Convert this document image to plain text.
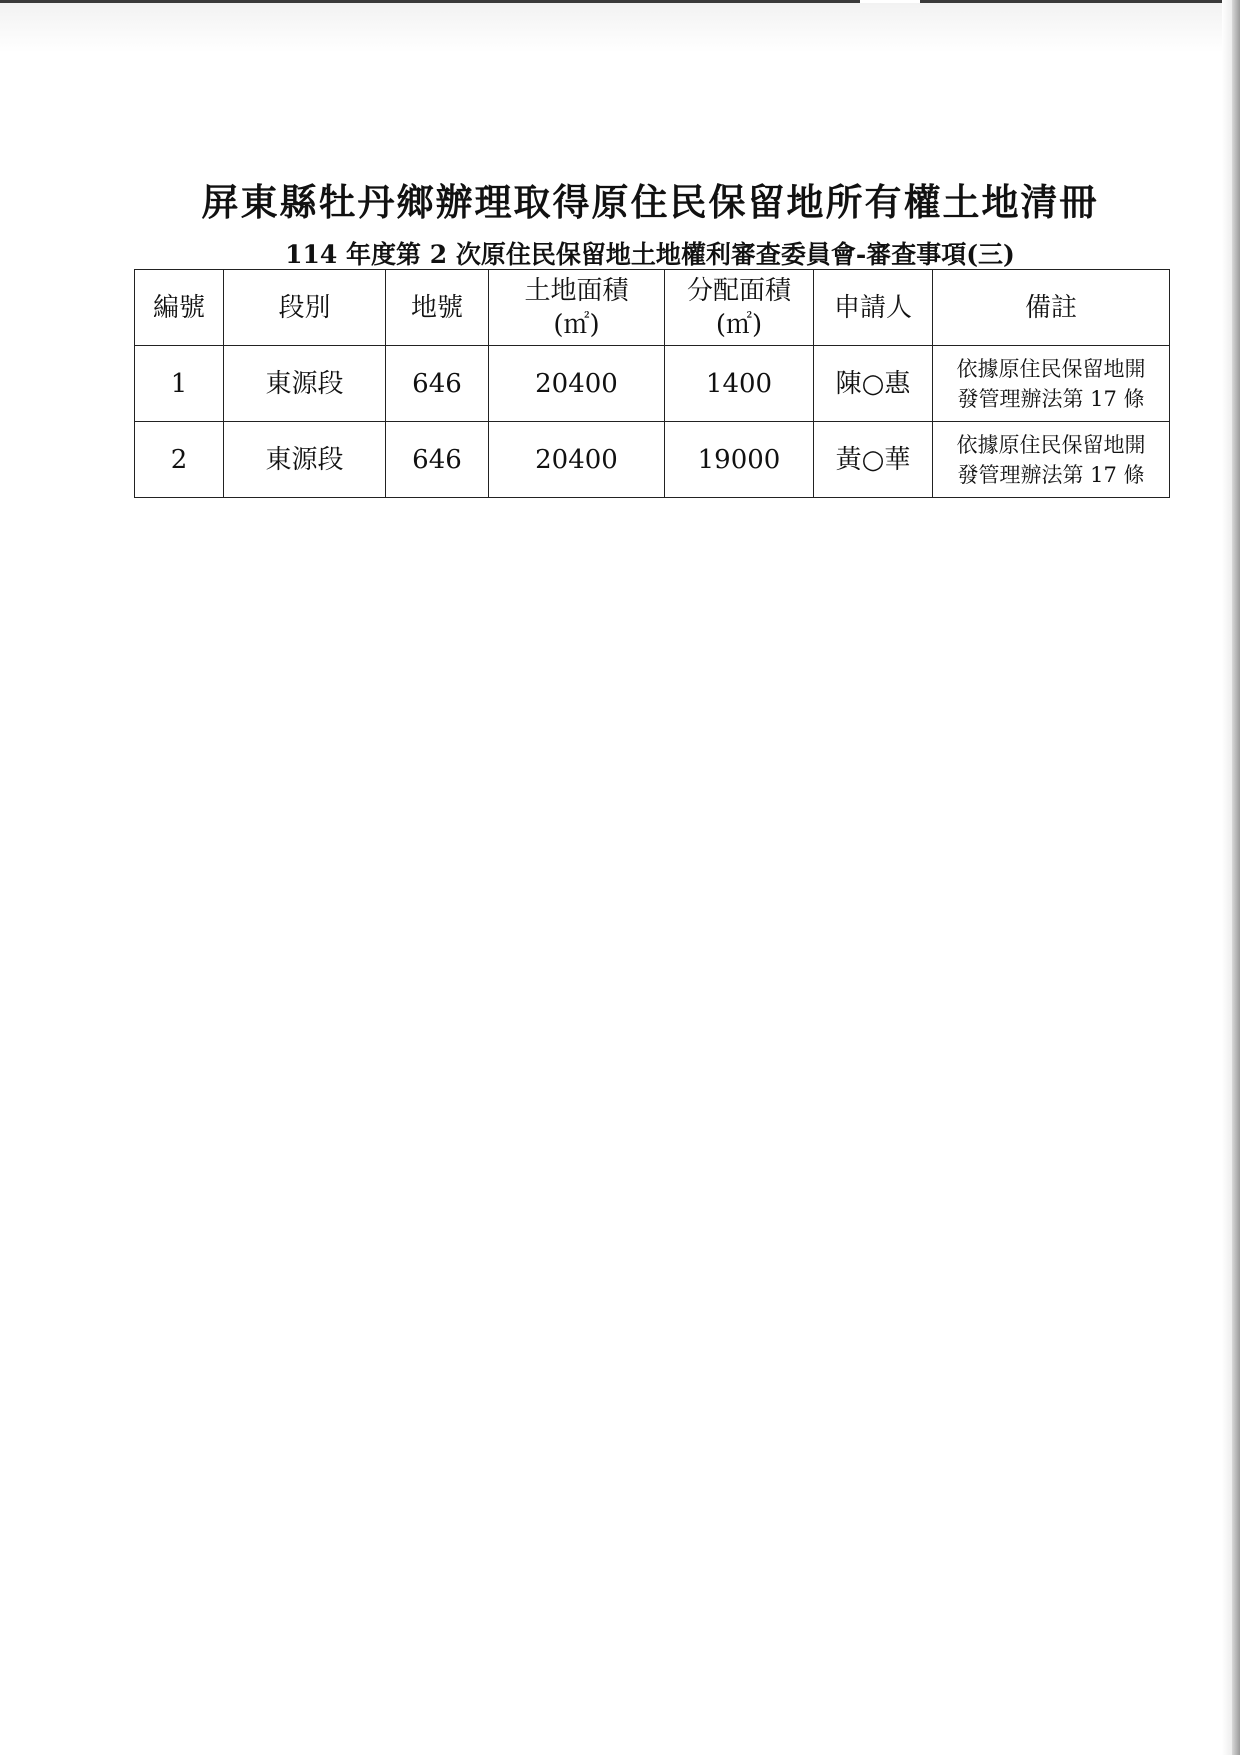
屏東縣牡丹鄉辦理取得原住民保留地所有權土地清冊
114 年度第 2 次原住民保留地土地權利審查委員會-審查事項(三)
編號	段別	地號	土地面積
(㎡)	分配面積
(㎡)	申請人	備註
1	東源段	646	20400	1400	陳○惠	依據原住民保留地開
發管理辦法第 17 條

2	東源段	646	20400	19000	黃○華	依據原住民保留地開
發管理辦法第 17 條
